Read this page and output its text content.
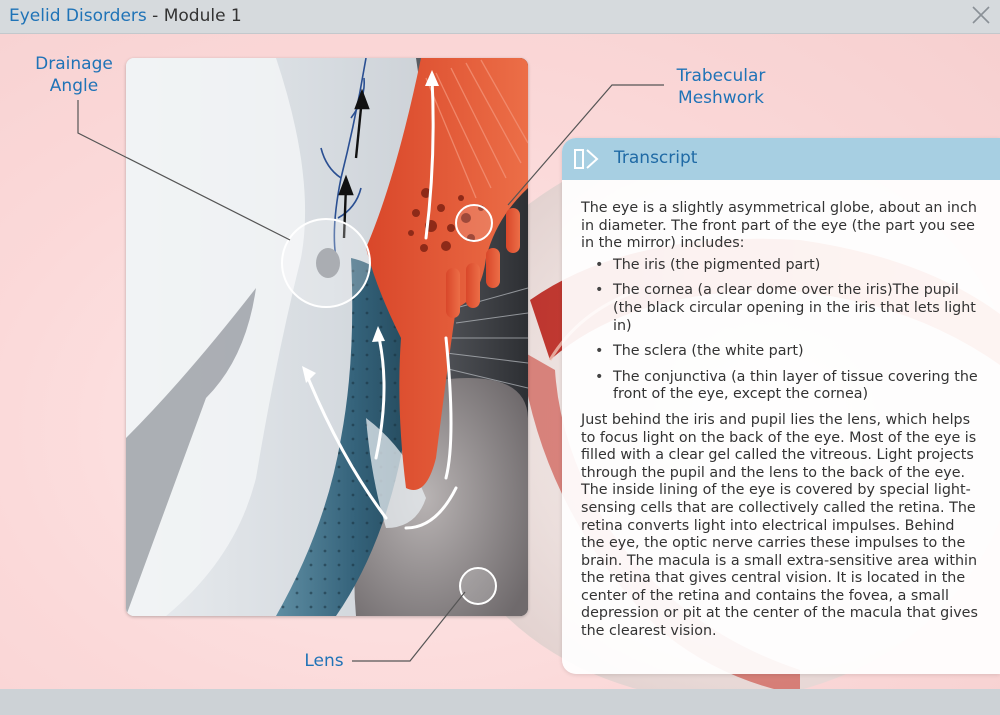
Eyelid Disorders - Module 1
Drainage
Angle	Trabecular
Meshwork
Lens
Transcript

The eye is a slightly asymmetrical globe, about an inch in diameter. The front part of the eye (the part you see in the mirror) includes:

• The iris (the pigmented part)
• The cornea (a clear dome over the iris)The pupil (the black circular opening in the iris that lets light in)
• The sclera (the white part)
• The conjunctiva (a thin layer of tissue covering the front of the eye, except the cornea)

Just behind the iris and pupil lies the lens, which helps to focus light on the back of the eye. Most of the eye is filled with a clear gel called the vitreous. Light projects through the pupil and the lens to the back of the eye. The inside lining of the eye is covered by special light-sensing cells that are collectively called the retina. The retina converts light into electrical impulses. Behind the eye, the optic nerve carries these impulses to the brain. The macula is a small extra-sensitive area within the retina that gives central vision. It is located in the center of the retina and contains the fovea, a small depression or pit at the center of the macula that gives the clearest vision.
